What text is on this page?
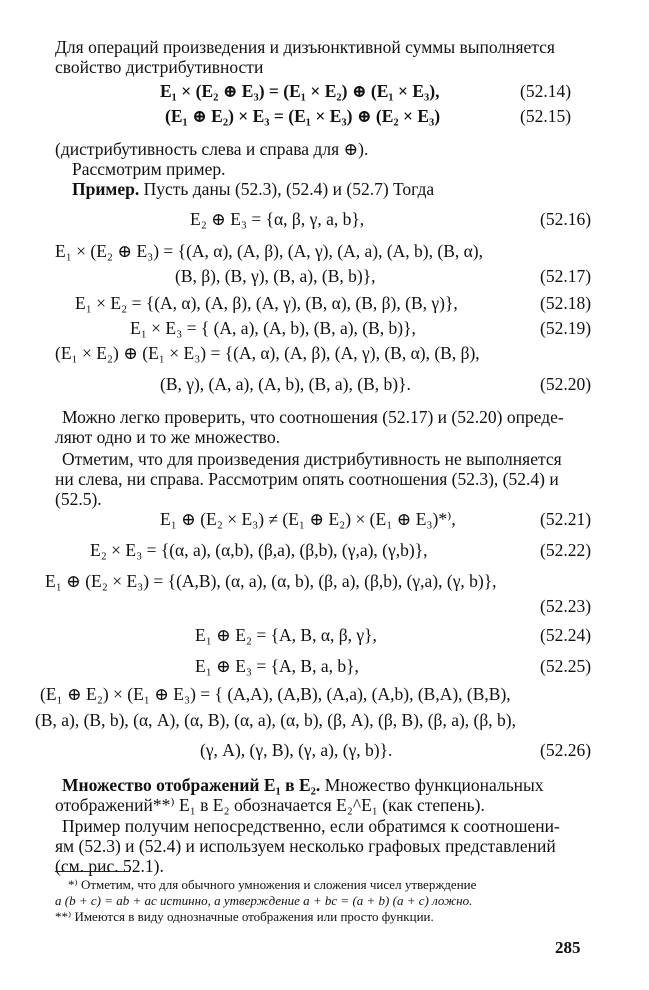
Для операций произведения и дизъюнктивной суммы выполняется
свойство дистрибутивности
E₁ × (E₂ ⊕ E₃) = (E₁ × E₂) ⊕ (E₁ × E₃),	(52.14)
(E₁ ⊕ E₂) × E₃ = (E₁ × E₃) ⊕ (E₂ × E₃)	(52.15)
(дистрибутивность слева и справа для ⊕).
Рассмотрим пример.
Пример. Пусть даны (52.3), (52.4) и (52.7) Тогда
E₂ ⊕ E₃ = {α, β, γ, a, b},	(52.16)
E₁ × (E₂ ⊕ E₃) = {(A, α), (A, β), (A, γ), (A, a), (A, b), (B, α),
(B, β), (B, γ), (B, a), (B, b)},	(52.17)
E₁ × E₂ = {(A, α), (A, β), (A, γ), (B, α), (B, β), (B, γ)},	(52.18)
E₁ × E₃ = { (A, a), (A, b), (B, a), (B, b)},	(52.19)
(E₁ × E₂) ⊕ (E₁ × E₃) = {(A, α), (A, β), (A, γ), (B, α), (B, β),
(B, γ), (A, a), (A, b), (B, a), (B, b)}.	(52.20)
Можно легко проверить, что соотношения (52.17) и (52.20) опреде-
ляют одно и то же множество.
Отметим, что для произведения дистрибутивность не выполняется
ни слева, ни справа. Рассмотрим опять соотношения (52.3), (52.4) и
(52.5).
E₁ ⊕ (E₂ × E₃) ≠ (E₁ ⊕ E₂) × (E₁ ⊕ E₃)*⁾,	(52.21)
E₂ × E₃ = {(α, a), (α,b), (β,a), (β,b), (γ,a), (γ,b)},	(52.22)
E₁ ⊕ (E₂ × E₃) = {(A,B), (α, a), (α, b), (β, a), (β,b), (γ,a), (γ, b)},
(52.23)
E₁ ⊕ E₂ = {A, B, α, β, γ},	(52.24)
E₁ ⊕ E₃ = {A, B, a, b},	(52.25)
(E₁ ⊕ E₂) × (E₁ ⊕ E₃) = { (A,A), (A,B), (A,a), (A,b), (B,A), (B,B),
(B, a), (B, b), (α, A), (α, B), (α, a), (α, b), (β, A), (β, B), (β, a), (β, b),
(γ, A), (γ, B), (γ, a), (γ, b)}.	(52.26)
Множество отображений E₁ в E₂. Множество функциональных
отображений**⁾ E₁ в E₂ обозначается E₂^E₁ (как степень).
Пример получим непосредственно, если обратимся к соотношени-
ям (52.3) и (52.4) и используем несколько графовых представлений
(см. рис. 52.1).
*⁾ Отметим, что для обычного умножения и сложения чисел утверждение
a (b + c) = ab + ac истинно, а утверждение a + bc = (a + b) (a + c) ложно.
**⁾ Имеются в виду однозначные отображения или просто функции.
285
